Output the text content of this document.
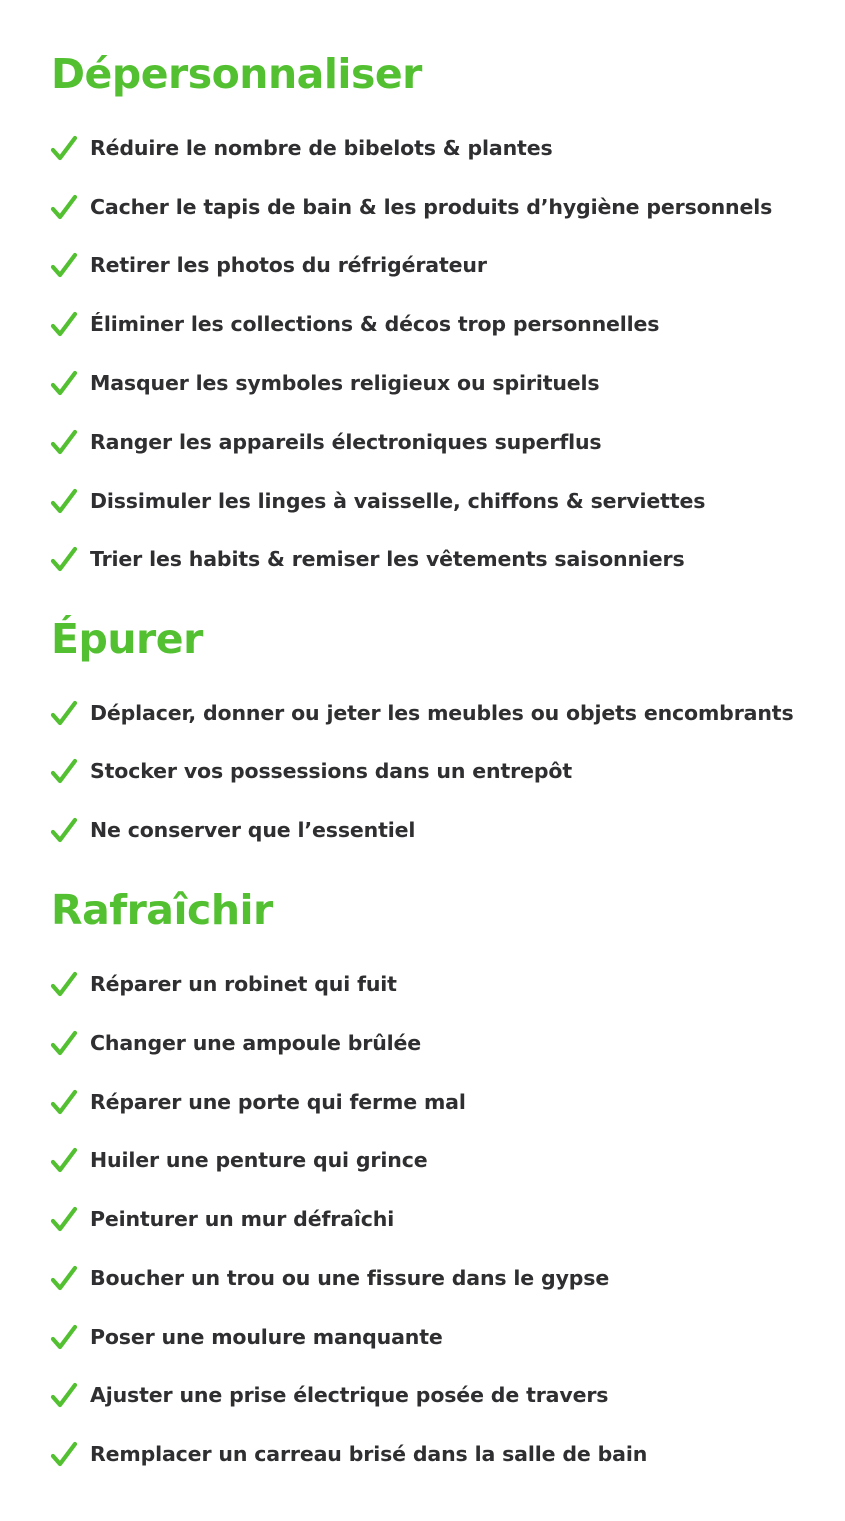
Dépersonnaliser
Réduire le nombre de bibelots & plantes
Cacher le tapis de bain & les produits d’hygiène personnels
Retirer les photos du réfrigérateur
Éliminer les collections & décos trop personnelles
Masquer les symboles religieux ou spirituels
Ranger les appareils électroniques superflus
Dissimuler les linges à vaisselle, chiffons & serviettes
Trier les habits & remiser les vêtements saisonniers
Épurer
Déplacer, donner ou jeter les meubles ou objets encombrants
Stocker vos possessions dans un entrepôt
Ne conserver que l’essentiel
Rafraîchir
Réparer un robinet qui fuit
Changer une ampoule brûlée
Réparer une porte qui ferme mal
Huiler une penture qui grince
Peinturer un mur défraîchi
Boucher un trou ou une fissure dans le gypse
Poser une moulure manquante
Ajuster une prise électrique posée de travers
Remplacer un carreau brisé dans la salle de bain
